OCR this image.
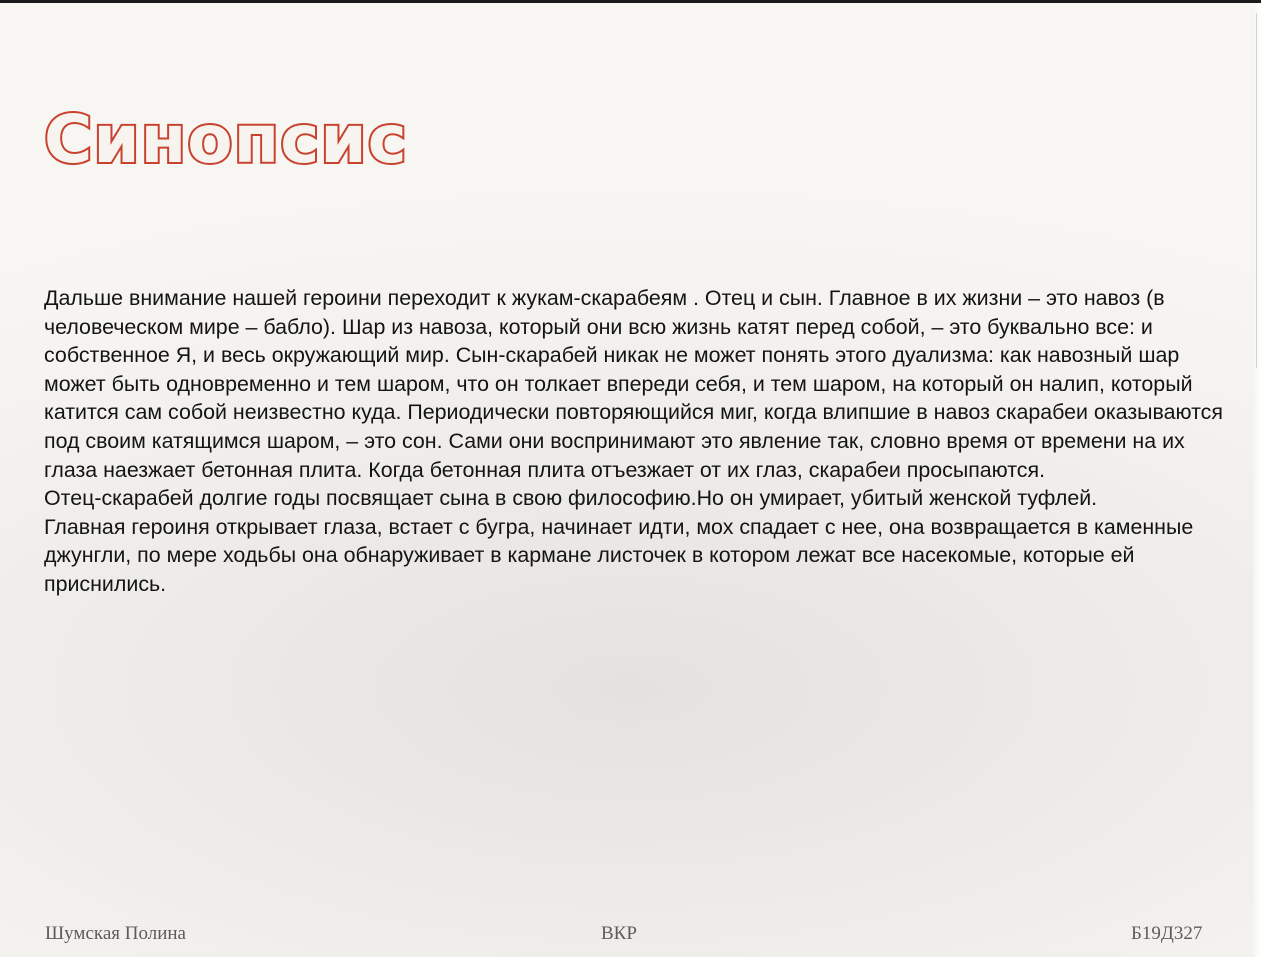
Синопсис

Дальше внимание нашей героини переходит к жукам-скарабеям . Отец и сын. Главное в их жизни – это навоз (в человеческом мире – бабло). Шар из навоза, который они всю жизнь катят перед собой, – это буквально все: и собственное Я, и весь окружающий мир. Сын-скарабей никак не может понять этого дуализма: как навозный шар может быть одновременно и тем шаром, что он толкает впереди себя, и тем шаром, на который он налип, который катится сам собой неизвестно куда. Периодически повторяющийся миг, когда влипшие в навоз скарабеи оказываются под своим катящимся шаром, – это сон. Сами они воспринимают это явление так, словно время от времени на их глаза наезжает бетонная плита. Когда бетонная плита отъезжает от их глаз, скарабеи просыпаются.

Отец-скарабей долгие годы посвящает сына в свою философию.Но он умирает, убитый женской туфлей.

Главная героиня открывает глаза, встает с бугра, начинает идти, мох спадает с нее, она возвращается в каменные джунгли, по мере ходьбы она обнаруживает в кармане листочек в котором лежат все насекомые, которые ей приснились.

Шумская Полина	ВКР	Б19Д327
